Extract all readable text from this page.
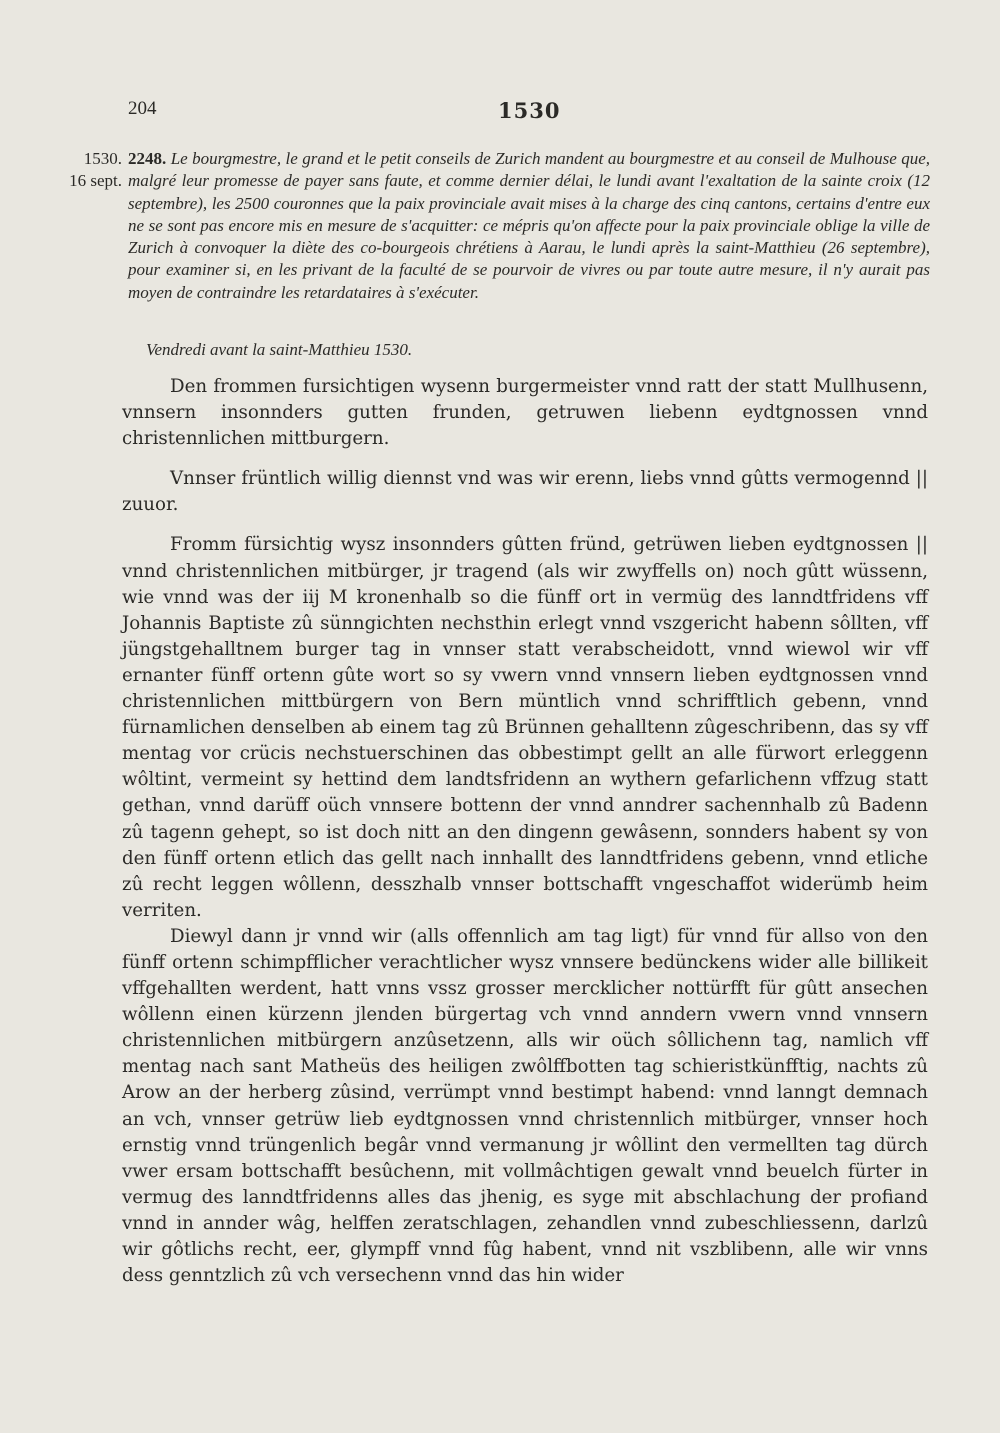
204	1530
1530.
16 sept.
2248. Le bourgmestre, le grand et le petit conseils de Zurich mandent au bourgmestre et au conseil de Mulhouse que, malgré leur promesse de payer sans faute, et comme dernier délai, le lundi avant l'exaltation de la sainte croix (12 septembre), les 2500 couronnes que la paix provinciale avait mises à la charge des cinq cantons, certains d'entre eux ne se sont pas encore mis en mesure de s'acquitter: ce mépris qu'on affecte pour la paix provinciale oblige la ville de Zurich à convoquer la diète des co-bourgeois chrétiens à Aarau, le lundi après la saint-Matthieu (26 septembre), pour examiner si, en les privant de la faculté de se pourvoir de vivres ou par toute autre mesure, il n'y aurait pas moyen de contraindre les retardataires à s'exécuter.
Vendredi avant la saint-Matthieu 1530.

Den frommen fursichtigen wysenn burgermeister vnnd ratt der statt Mullhusenn, vnnsern insonnders gutten frunden, getruwen liebenn eydtgnossen vnnd christennlichen mittburgern.

Vnnser früntlich willig diennst vnd was wir erenn, liebs vnnd gûtts vermogennd || zuuor.

Fromm fürsichtig wysz insonnders gûtten fründ, getrüwen lieben eydtgnossen || vnnd christennlichen mitbürger, jr tragend (als wir zwyffells on) noch gûtt wüssenn, wie vnnd was der iij M kronenhalb so die fünff ort in vermüg des lanndtfridens vff Johannis Baptiste zû sünngichten nechsthin erlegt vnnd vszgericht habenn sôllten, vff jüngstgehalltnem burger tag in vnnser statt verabscheidott, vnnd wiewol wir vff ernanter fünff ortenn gûte wort so sy vwern vnnd vnnsern lieben eydtgnossen vnnd christennlichen mittbürgern von Bern müntlich vnnd schrifftlich gebenn, vnnd fürnamlichen denselben ab einem tag zû Brünnen gehalltenn zûgeschribenn, das sy vff mentag vor crücis nechstuerschinen das obbestimpt gellt an alle fürwort erleggenn wôltint, vermeint sy hettind dem landtsfridenn an wythern gefarlichenn vffzug statt gethan, vnnd darüff oüch vnnsere bottenn der vnnd anndrer sachennhalb zû Badenn zû tagenn gehept, so ist doch nitt an den dingenn gewâsenn, sonnders habent sy von den fünff ortenn etlich das gellt nach innhallt des lanndtfridens gebenn, vnnd etliche zû recht leggen wôllenn, desszhalb vnnser bottschafft vngeschaffot widerümb heim verriten.

Diewyl dann jr vnnd wir (alls offennlich am tag ligt) für vnnd für allso von den fünff ortenn schimpfflicher verachtlicher wysz vnnsere bedünckens wider alle billikeit vffgehallten werdent, hatt vnns vssz grosser mercklicher nottürfft für gûtt ansechen wôllenn einen kürzenn jlenden bürgertag vch vnnd anndern vwern vnnd vnnsern christennlichen mitbürgern anzûsetzenn, alls wir oüch sôllichenn tag, namlich vff mentag nach sant Matheüs des heiligen zwôlffbotten tag schieristkünfftig, nachts zû Arow an der herberg zûsind, verrümpt vnnd bestimpt habend: vnnd lanngt demnach an vch, vnnser getrüw lieb eydtgnossen vnnd christennlich mitbürger, vnnser hoch ernstig vnnd trüngenlich begâr vnnd vermanung jr wôllint den vermellten tag dürch vwer ersam bottschafft besûchenn, mit vollmâchtigen gewalt vnnd beuelch fürter in vermug des lanndtfridenns alles das jhenig, es syge mit abschlachung der profiand vnnd in annder wâg, helffen zeratschlagen, zehandlen vnnd zubeschliessenn, darlzû wir gôtlichs recht, eer, glympff vnnd fûg habent, vnnd nit vszblibenn, alle wir vnns dess genntzlich zû vch versechenn vnnd das hin wider
